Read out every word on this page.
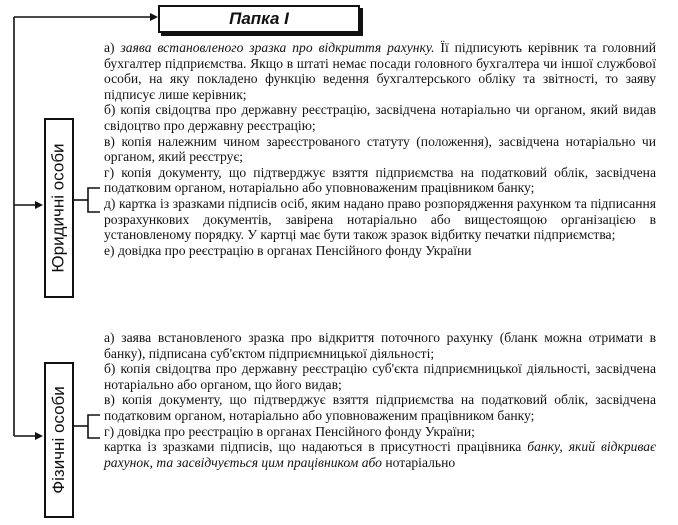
Папка І
Юридичні особи
Фізичні особи

а) заява встановленого зразка про відкриття рахунку. Її підписують керівник та головний бухгалтер підприємства. Якщо в штаті немає посади головного бухгалтера чи іншої службової особи, на яку покладено функцію ведення бухгалтерського обліку та звітності, то заяву підписує лише керівник;

б) копія свідоцтва про державну реєстрацію, засвідчена нотаріально чи органом, який видав свідоцтво про державну реєстрацію;

в) копія належним чином зареєстрованого статуту (положення), засвідчена нотаріально чи органом, який реєструє;

г) копія документу, що підтверджує взяття підприємства на податковий облік, засвідчена податковим органом, нотаріально або уповноваженим працівником банку;

д) картка із зразками підписів осіб, яким надано право розпорядження рахунком та підписання розрахункових документів, завірена нотаріально або вищестоящою організацією в установленому порядку. У картці має бути також зразок відбитку печатки підприємства;

е) довідка про реєстрацію в органах Пенсійного фонду України

а) заява встановленого зразка про відкриття поточного рахунку (бланк можна отримати в банку), підписана суб'єктом підприємницької діяльності;

б) копія свідоцтва про державну реєстрацію суб'єкта підприємницької діяльності, засвідчена нотаріально або органом, що його видав;

в) копія документу, що підтверджує взяття підприємства на податковий облік, засвідчена податковим органом, нотаріально або уповноваженим працівником банку;

г) довідка про реєстрацію в органах Пенсійного фонду України;

картка із зразками підписів, що надаються в присутності працівника банку, який відкриває рахунок, та засвідчується цим працівником або нотаріально
